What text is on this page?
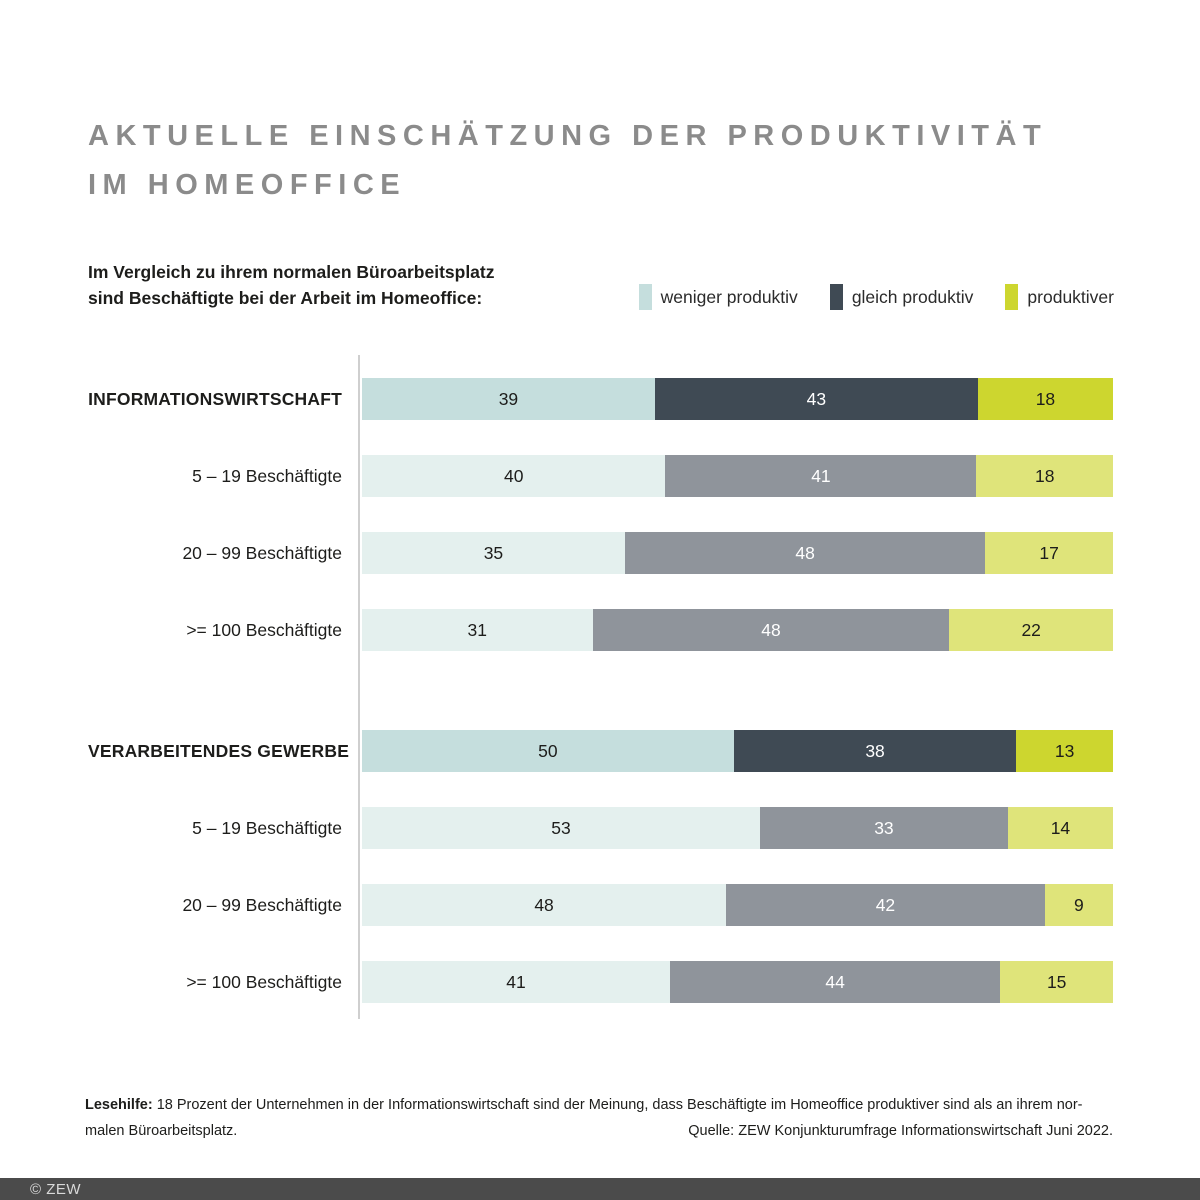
AKTUELLE EINSCHÄTZUNG DER PRODUKTIVITÄT
IM HOMEOFFICE
Im Vergleich zu ihrem normalen Büroarbeitsplatz
sind Beschäftigte bei der Arbeit im Homeoffice:	weniger produktiv	gleich produktiv	produktiver
INFORMATIONSWIRTSCHAFT	39	43	18
5 – 19 Beschäftigte	40	41	18
20 – 99 Beschäftigte	35	48	17
>= 100 Beschäftigte	31	48	22
VERARBEITENDES GEWERBE	50	38	13
5 – 19 Beschäftigte	53	33	14
20 – 99 Beschäftigte	48	42	9
>= 100 Beschäftigte	41	44	15
Lesehilfe: 18 Prozent der Unternehmen in der Informationswirtschaft sind der Meinung, dass Beschäftigte im Homeoffice produktiver sind als an ihrem nor-
malen Büroarbeitsplatz.	Quelle: ZEW Konjunkturumfrage Informationswirtschaft Juni 2022.
© ZEW
